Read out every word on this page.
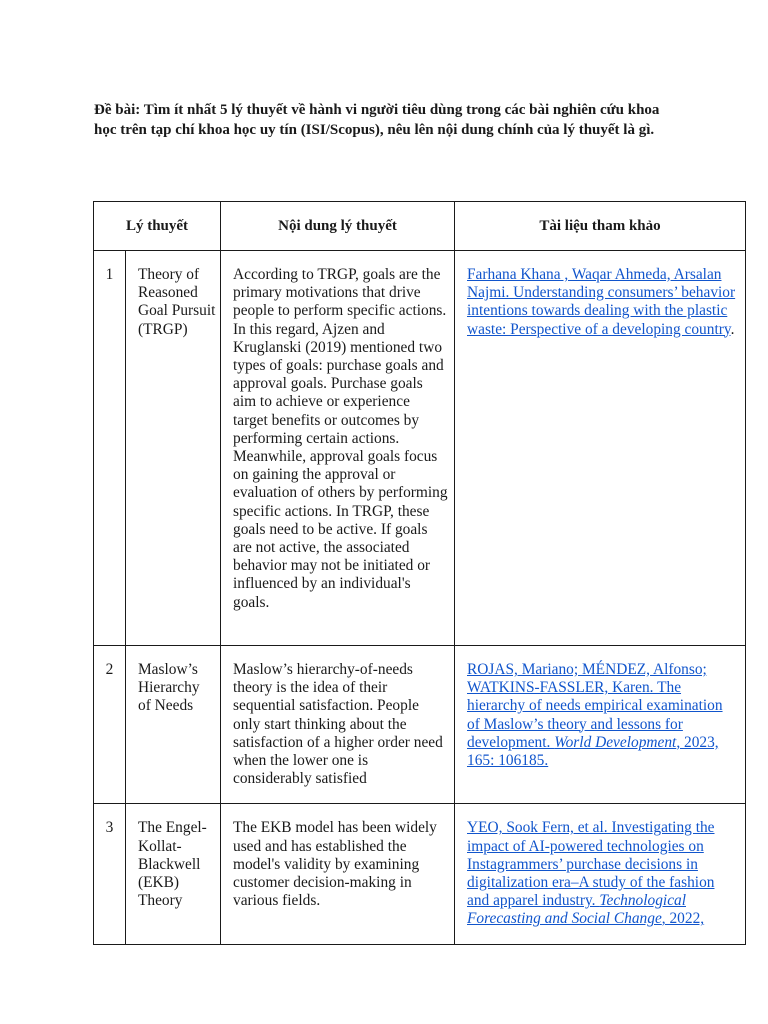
Đề bài: Tìm ít nhất 5 lý thuyết về hành vi người tiêu dùng trong các bài nghiên cứu khoa học trên tạp chí khoa học uy tín (ISI/Scopus), nêu lên nội dung chính của lý thuyết là gì.
Lý thuyết		Nội dung lý thuyết	Tài liệu tham khảo
1	Theory of Reasoned Goal Pursuit (TRGP)	According to TRGP, goals are the primary motivations that drive people to perform specific actions. In this regard, Ajzen and Kruglanski (2019) mentioned two types of goals: purchase goals and approval goals. Purchase goals aim to achieve or experience target benefits or outcomes by performing certain actions. Meanwhile, approval goals focus on gaining the approval or evaluation of others by performing specific actions. In TRGP, these goals need to be active. If goals are not active, the associated behavior may not be initiated or influenced by an individual's goals.	Farhana Khana , Waqar Ahmeda, Arsalan Najmi. Understanding consumers’ behavior intentions towards dealing with the plastic waste: Perspective of a developing country.
2	Maslow’s Hierarchy of Needs	Maslow’s hierarchy-of-needs theory is the idea of their sequential satisfaction. People only start thinking about the satisfaction of a higher order need when the lower one is considerably satisfied	ROJAS, Mariano; MÉNDEZ, Alfonso; WATKINS-FASSLER, Karen. The hierarchy of needs empirical examination of Maslow’s theory and lessons for development. World Development, 2023, 165: 106185.
3	The Engel-Kollat-Blackwell (EKB) Theory	The EKB model has been widely used and has established the model's validity by examining customer decision-making in various fields.	YEO, Sook Fern, et al. Investigating the impact of AI-powered technologies on Instagrammers’ purchase decisions in digitalization era–A study of the fashion and apparel industry. Technological Forecasting and Social Change, 2022,
